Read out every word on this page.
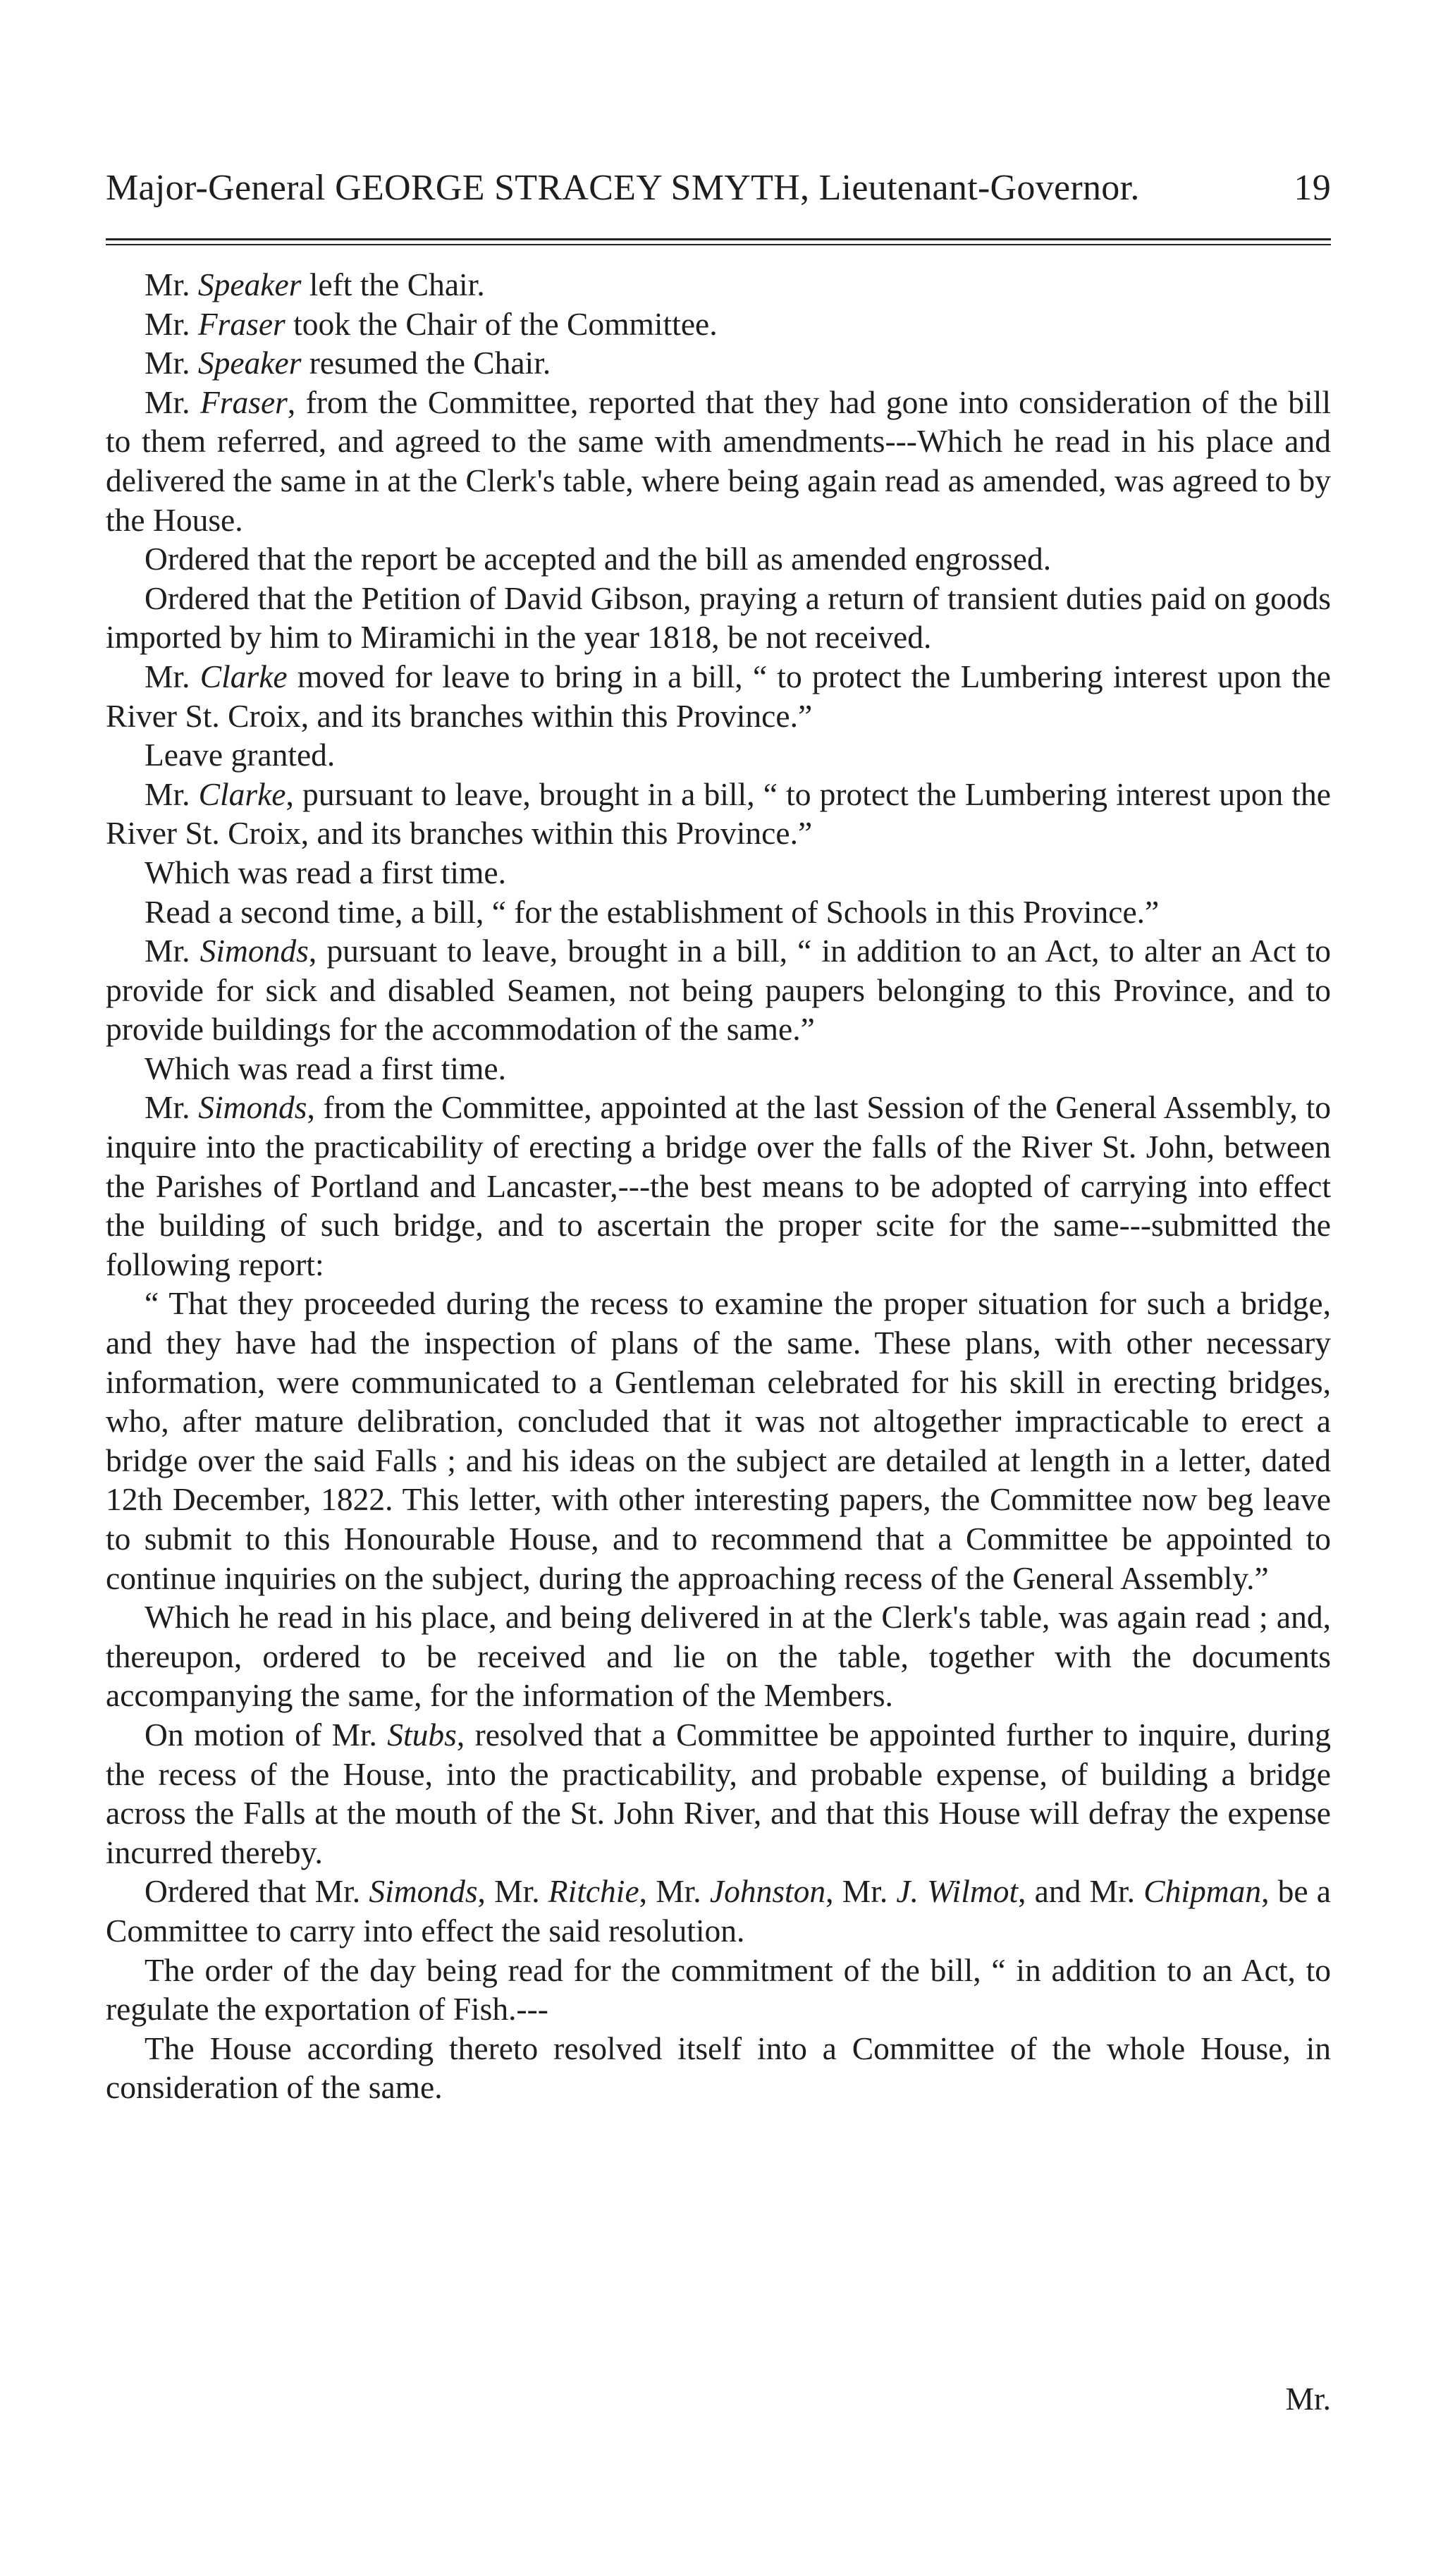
Major-General GEORGE STRACEY SMYTH, Lieutenant-Governor.	19

Mr. Speaker left the Chair.

Mr. Fraser took the Chair of the Committee.

Mr. Speaker resumed the Chair.

Mr. Fraser, from the Committee, reported that they had gone into consideration of the bill to them referred, and agreed to the same with amendments---Which he read in his place and delivered the same in at the Clerk's table, where being again read as amended, was agreed to by the House.

Ordered that the report be accepted and the bill as amended engrossed.

Ordered that the Petition of David Gibson, praying a return of transient duties paid on goods imported by him to Miramichi in the year 1818, be not received.

Mr. Clarke moved for leave to bring in a bill, “ to protect the Lumbering interest upon the River St. Croix, and its branches within this Province.”

Leave granted.

Mr. Clarke, pursuant to leave, brought in a bill, “ to protect the Lumbering interest upon the River St. Croix, and its branches within this Province.”

Which was read a first time.

Read a second time, a bill, “ for the establishment of Schools in this Province.”

Mr. Simonds, pursuant to leave, brought in a bill, “ in addition to an Act, to alter an Act to provide for sick and disabled Seamen, not being paupers belonging to this Province, and to provide buildings for the accommodation of the same.”

Which was read a first time.

Mr. Simonds, from the Committee, appointed at the last Session of the General Assembly, to inquire into the practicability of erecting a bridge over the falls of the River St. John, between the Parishes of Portland and Lancaster,---the best means to be adopted of carrying into effect the building of such bridge, and to ascertain the proper scite for the same---submitted the following report:

“ That they proceeded during the recess to examine the proper situation for such a bridge, and they have had the inspection of plans of the same. These plans, with other necessary information, were communicated to a Gentleman celebrated for his skill in erecting bridges, who, after mature delibration, concluded that it was not altogether impracticable to erect a bridge over the said Falls ; and his ideas on the subject are detailed at length in a letter, dated 12th December, 1822. This letter, with other interesting papers, the Committee now beg leave to submit to this Honourable House, and to recommend that a Committee be appointed to continue inquiries on the subject, during the approaching recess of the General Assembly.”

Which he read in his place, and being delivered in at the Clerk's table, was again read ; and, thereupon, ordered to be received and lie on the table, together with the documents accompanying the same, for the information of the Members.

On motion of Mr. Stubs, resolved that a Committee be appointed further to inquire, during the recess of the House, into the practicability, and probable expense, of building a bridge across the Falls at the mouth of the St. John River, and that this House will defray the expense incurred thereby.

Ordered that Mr. Simonds, Mr. Ritchie, Mr. Johnston, Mr. J. Wilmot, and Mr. Chipman, be a Committee to carry into effect the said resolution.

The order of the day being read for the commitment of the bill, “ in addition to an Act, to regulate the exportation of Fish.---

The House according thereto resolved itself into a Committee of the whole House, in consideration of the same.

Mr.
